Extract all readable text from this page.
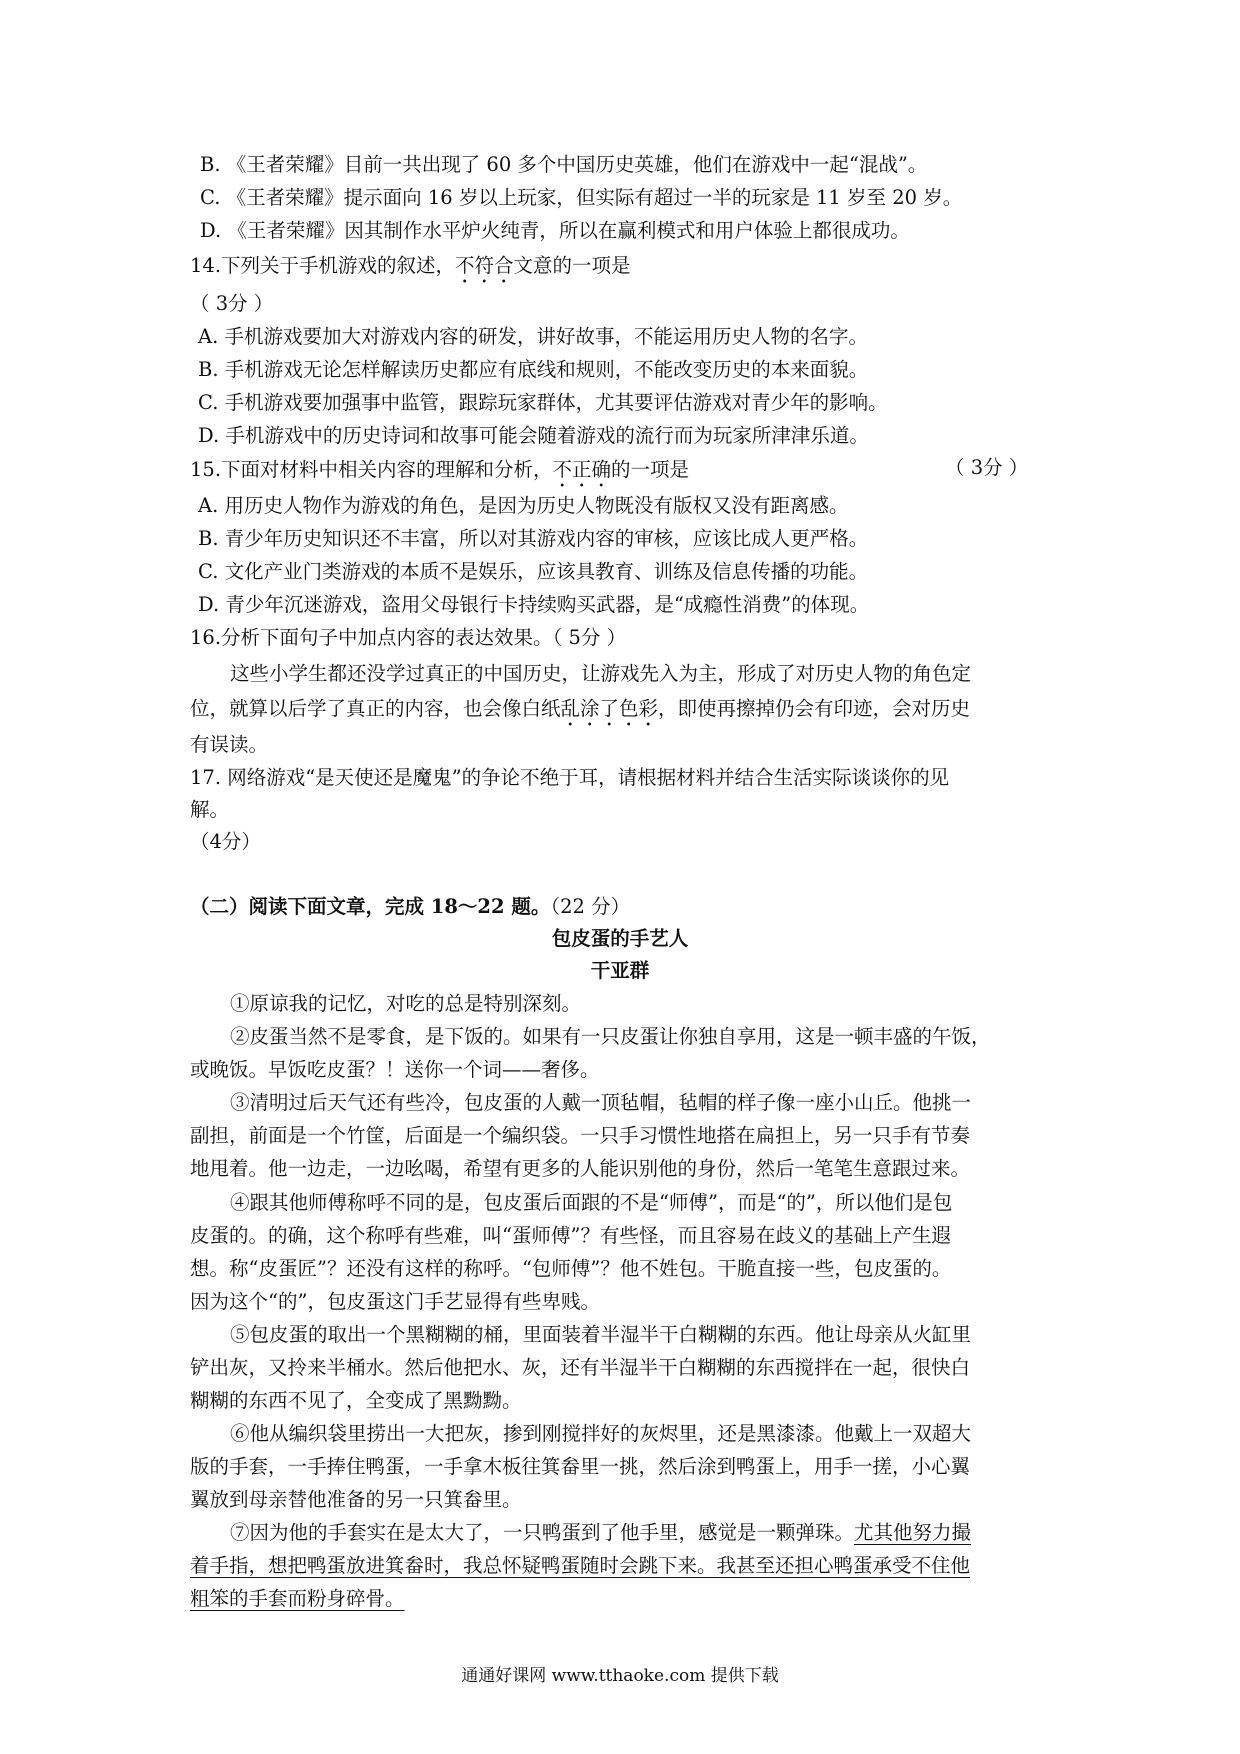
B. 《王者荣耀》目前一共出现了 60 多个中国历史英雄，他们在游戏中一起“混战”。
C. 《王者荣耀》提示面向 16 岁以上玩家，但实际有超过一半的玩家是 11 岁至 20 岁。
D. 《王者荣耀》因其制作水平炉火纯青，所以在赢利模式和用户体验上都很成功。
14.下列关于手机游戏的叙述，不符合文意的一项是
（ 3分 ）
A. 手机游戏要加大对游戏内容的研发，讲好故事，不能运用历史人物的名字。
B. 手机游戏无论怎样解读历史都应有底线和规则，不能改变历史的本来面貌。
C. 手机游戏要加强事中监管，跟踪玩家群体，尤其要评估游戏对青少年的影响。
D. 手机游戏中的历史诗词和故事可能会随着游戏的流行而为玩家所津津乐道。
15.下面对材料中相关内容的理解和分析，不正确的一项是	（ 3分 ）
A. 用历史人物作为游戏的角色，是因为历史人物既没有版权又没有距离感。
B. 青少年历史知识还不丰富，所以对其游戏内容的审核，应该比成人更严格。
C. 文化产业门类游戏的本质不是娱乐，应该具教育、训练及信息传播的功能。
D. 青少年沉迷游戏，盗用父母银行卡持续购买武器，是“成瘾性消费”的体现。
16.分析下面句子中加点内容的表达效果。（ 5分 ）
这些小学生都还没学过真正的中国历史，让游戏先入为主，形成了对历史人物的角色定
位，就算以后学了真正的内容，也会像白纸乱涂了色彩，即使再擦掉仍会有印迹，会对历史
有误读。
17. 网络游戏“是天使还是魔鬼”的争论不绝于耳，请根据材料并结合生活实际谈谈你的见
解。
（4分）
（二）阅读下面文章，完成 18～22 题。（22 分）
包皮蛋的手艺人
干亚群
①原谅我的记忆，对吃的总是特别深刻。
②皮蛋当然不是零食，是下饭的。如果有一只皮蛋让你独自享用，这是一顿丰盛的午饭，
或晚饭。早饭吃皮蛋？！送你一个词——奢侈。
③清明过后天气还有些冷，包皮蛋的人戴一顶毡帽，毡帽的样子像一座小山丘。他挑一
副担，前面是一个竹筐，后面是一个编织袋。一只手习惯性地搭在扁担上，另一只手有节奏
地甩着。他一边走，一边吆喝，希望有更多的人能识别他的身份，然后一笔笔生意跟过来。
④跟其他师傅称呼不同的是，包皮蛋后面跟的不是“师傅”，而是“的”，所以他们是包
皮蛋的。的确，这个称呼有些难，叫“蛋师傅”？有些怪，而且容易在歧义的基础上产生遐
想。称“皮蛋匠”？还没有这样的称呼。“包师傅”？他不姓包。干脆直接一些，包皮蛋的。
因为这个“的”，包皮蛋这门手艺显得有些卑贱。
⑤包皮蛋的取出一个黑糊糊的桶，里面装着半湿半干白糊糊的东西。他让母亲从火缸里
铲出灰，又拎来半桶水。然后他把水、灰，还有半湿半干白糊糊的东西搅拌在一起，很快白
糊糊的东西不见了，全变成了黑黝黝。
⑥他从编织袋里捞出一大把灰，掺到刚搅拌好的灰烬里，还是黑漆漆。他戴上一双超大
版的手套，一手捧住鸭蛋，一手拿木板往箕畚里一挑，然后涂到鸭蛋上，用手一搓，小心翼
翼放到母亲替他准备的另一只箕畚里。
⑦因为他的手套实在是太大了，一只鸭蛋到了他手里，感觉是一颗弹珠。尤其他努力撮
着手指，想把鸭蛋放进箕畚时，我总怀疑鸭蛋随时会跳下来。我甚至还担心鸭蛋承受不住他
粗笨的手套而粉身碎骨。
通通好课网 www.tthaoke.com 提供下载
